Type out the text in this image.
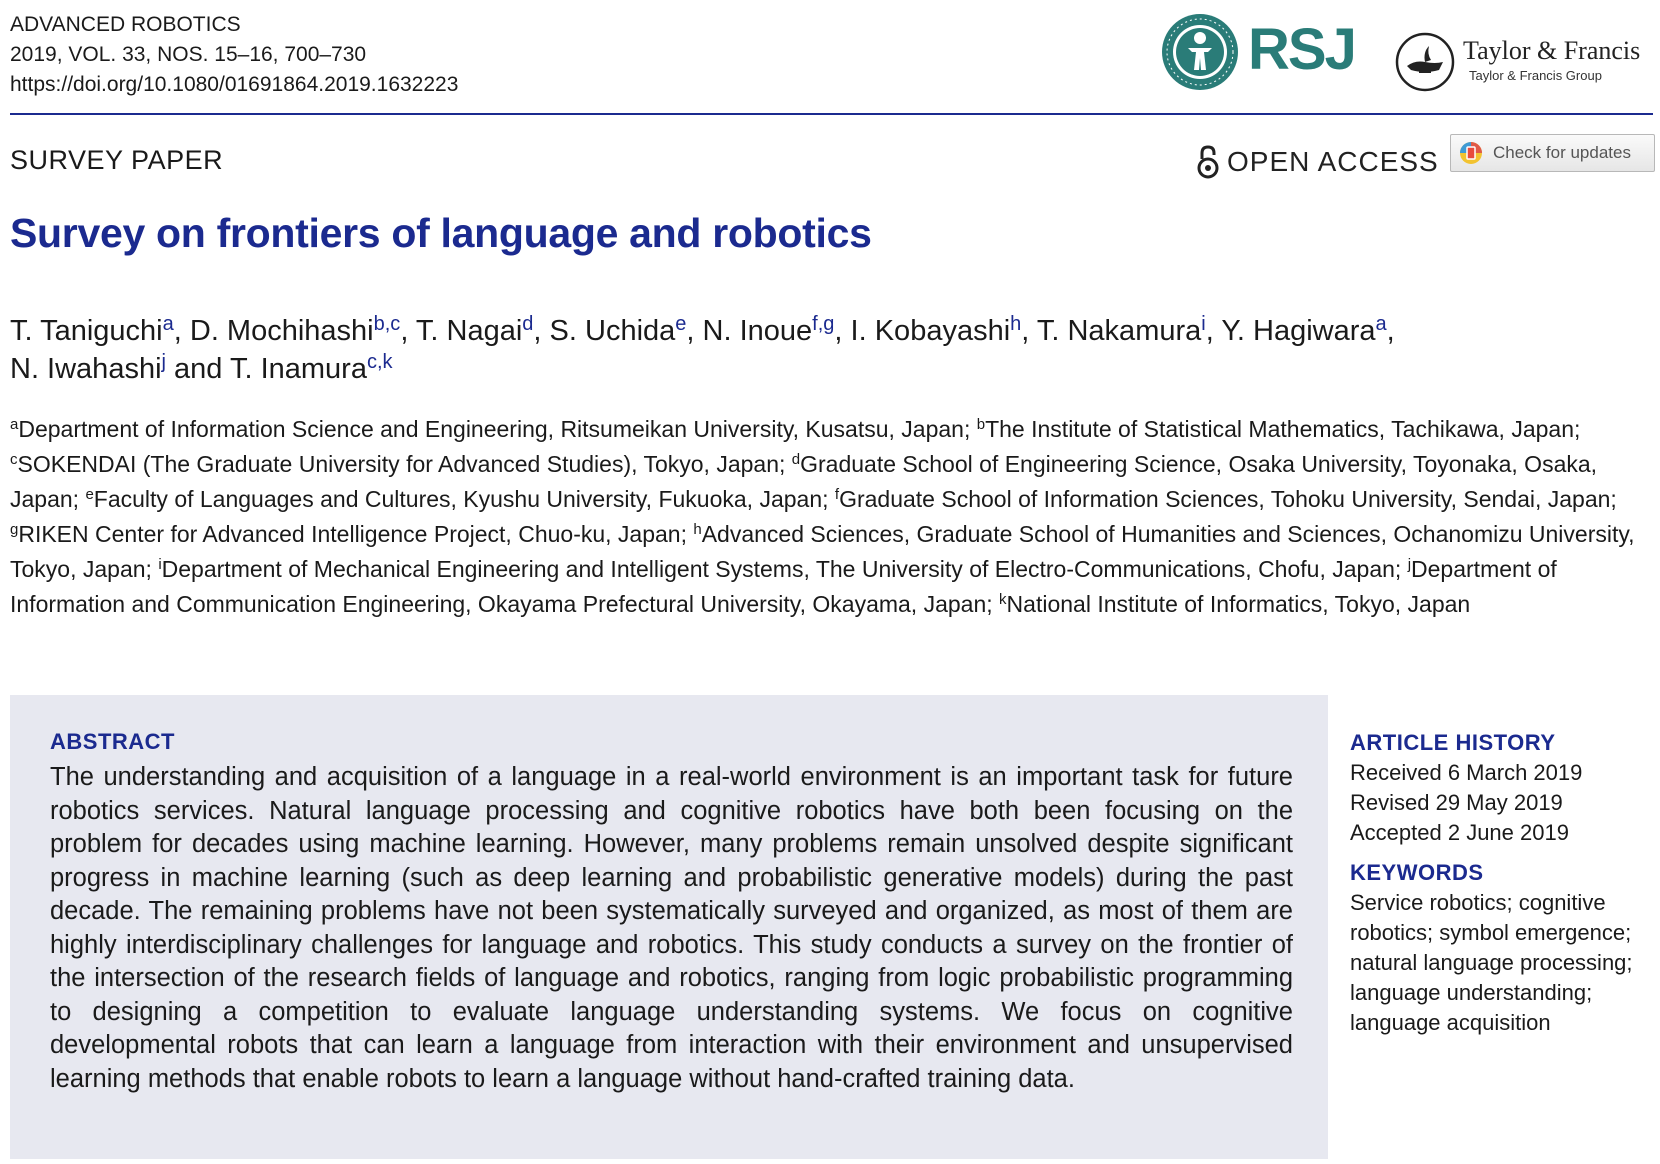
ADVANCED ROBOTICS
2019, VOL. 33, NOS. 15–16, 700–730
https://doi.org/10.1080/01691864.2019.1632223
RSJ	Taylor & Francis
Taylor & Francis Group
SURVEY PAPER	OPEN ACCESS	Check for updates
Survey on frontiers of language and robotics
T. Taniguchi$^a$, D. Mochihashi$^{b,c}$, T. Nagai$^d$, S. Uchida$^e$, N. Inoue$^{f,g}$, I. Kobayashi$^h$, T. Nakamura$^i$, Y. Hagiwara$^a$,
N. Iwahashi$^j$ and T. Inamura$^{c,k}$
$^a$Department of Information Science and Engineering, Ritsumeikan University, Kusatsu, Japan; $^b$The Institute of Statistical Mathematics, Tachikawa, Japan; $^c$SOKENDAI (The Graduate University for Advanced Studies), Tokyo, Japan; $^d$Graduate School of Engineering Science, Osaka University, Toyonaka, Osaka, Japan; $^e$Faculty of Languages and Cultures, Kyushu University, Fukuoka, Japan; $^f$Graduate School of Information Sciences, Tohoku University, Sendai, Japan; $^g$RIKEN Center for Advanced Intelligence Project, Chuo-ku, Japan; $^h$Advanced Sciences, Graduate School of Humanities and Sciences, Ochanomizu University, Tokyo, Japan; $^i$Department of Mechanical Engineering and Intelligent Systems, The University of Electro-Communications, Chofu, Japan; $^j$Department of Information and Communication Engineering, Okayama Prefectural University, Okayama, Japan; $^k$National Institute of Informatics, Tokyo, Japan
ABSTRACT
The understanding and acquisition of a language in a real-world environment is an important task for future robotics services. Natural language processing and cognitive robotics have both been focusing on the problem for decades using machine learning. However, many problems remain unsolved despite significant progress in machine learning (such as deep learning and probabilistic generative models) during the past decade. The remaining problems have not been systematically surveyed and organized, as most of them are highly interdisciplinary challenges for language and robotics. This study conducts a survey on the frontier of the intersection of the research fields of language and robotics, ranging from logic probabilistic programming to designing a competition to evaluate language understanding systems. We focus on cognitive developmental robots that can learn a language from interaction with their environment and unsupervised learning methods that enable robots to learn a language without hand-crafted training data.
ARTICLE HISTORY
Received 6 March 2019
Revised 29 May 2019
Accepted 2 June 2019
KEYWORDS
Service robotics; cognitive
robotics; symbol emergence;
natural language processing;
language understanding;
language acquisition
